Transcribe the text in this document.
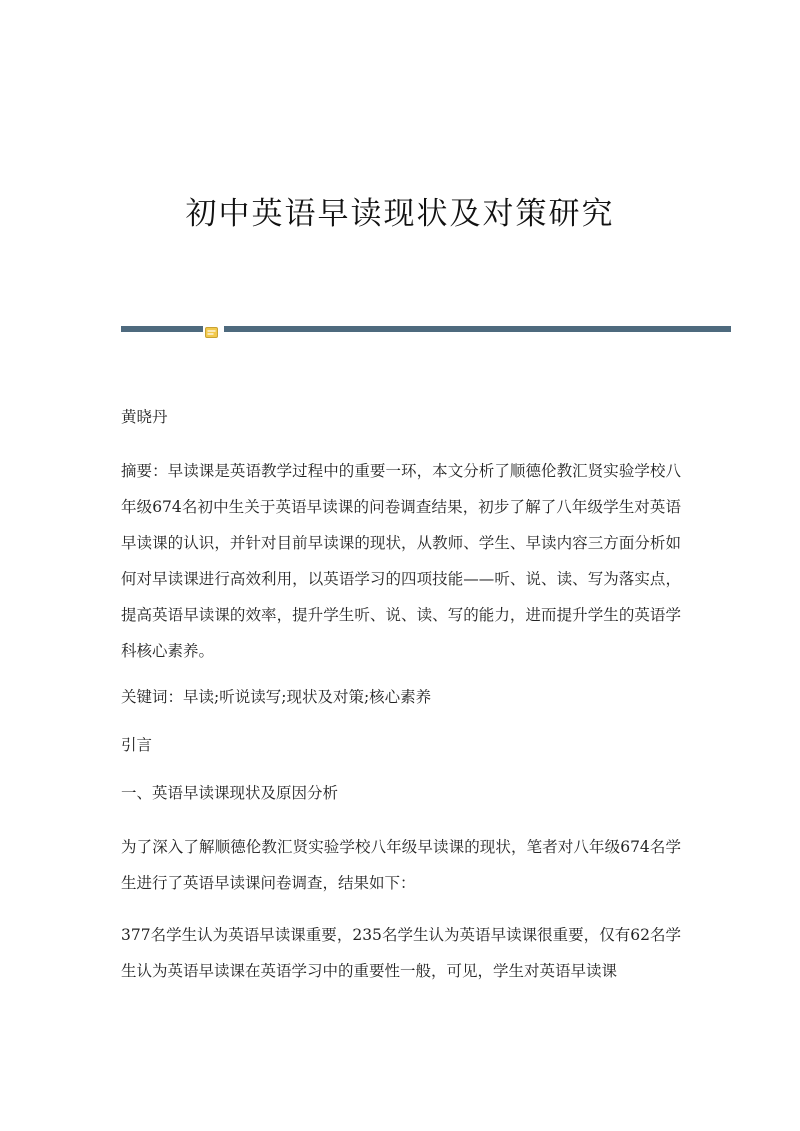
初中英语早读现状及对策研究

黄晓丹

摘要：早读课是英语教学过程中的重要一环，本文分析了顺德伦教汇贤实验学校八年级674名初中生关于英语早读课的问卷调查结果，初步了解了八年级学生对英语早读课的认识，并针对目前早读课的现状，从教师、学生、早读内容三方面分析如何对早读课进行高效利用，以英语学习的四项技能——听、说、读、写为落实点，提高英语早读课的效率，提升学生听、说、读、写的能力，进而提升学生的英语学科核心素养。

关键词：早读;听说读写;现状及对策;核心素养

引言

一、英语早读课现状及原因分析

为了深入了解顺德伦教汇贤实验学校八年级早读课的现状，笔者对八年级674名学生进行了英语早读课问卷调查，结果如下：

377名学生认为英语早读课重要，235名学生认为英语早读课很重要，仅有62名学生认为英语早读课在英语学习中的重要性一般，可见，学生对英语早读课
